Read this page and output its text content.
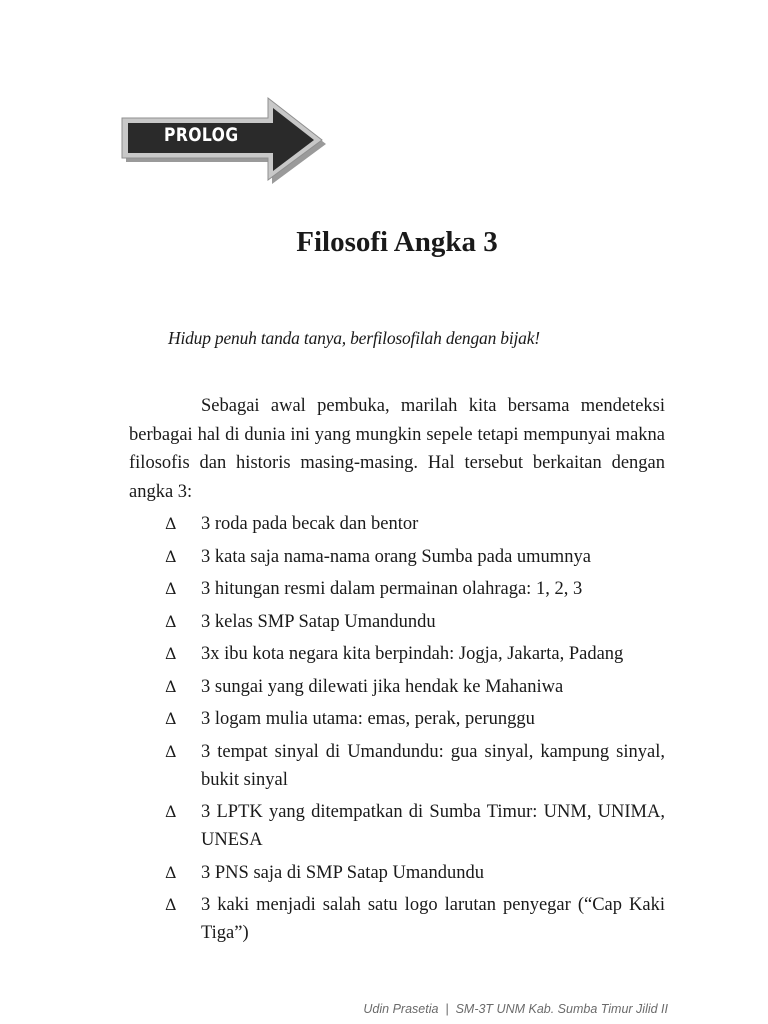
PROLOG
Filosofi Angka 3
Hidup penuh tanda tanya, berfilosofilah dengan bijak!

Sebagai awal pembuka, marilah kita bersama mendeteksi berbagai hal di dunia ini yang mungkin sepele tetapi mempunyai makna filosofis dan historis masing-masing. Hal tersebut berkaitan dengan angka 3:

Δ 3 roda pada becak dan bentor
Δ 3 kata saja nama-nama orang Sumba pada umumnya
Δ 3 hitungan resmi dalam permainan olahraga: 1, 2, 3
Δ 3 kelas SMP Satap Umandundu
Δ 3x ibu kota negara kita berpindah: Jogja, Jakarta, Padang
Δ 3 sungai yang dilewati jika hendak ke Mahaniwa
Δ 3 logam mulia utama: emas, perak, perunggu
Δ 3 tempat sinyal di Umandundu: gua sinyal, kampung sinyal, bukit sinyal
Δ 3 LPTK yang ditempatkan di Sumba Timur: UNM, UNIMA, UNESA
Δ 3 PNS saja di SMP Satap Umandundu
Δ 3 kaki menjadi salah satu logo larutan penyegar (“Cap Kaki Tiga”)
Udin Prasetia  |  SM-3T UNM Kab. Sumba Timur Jilid II
